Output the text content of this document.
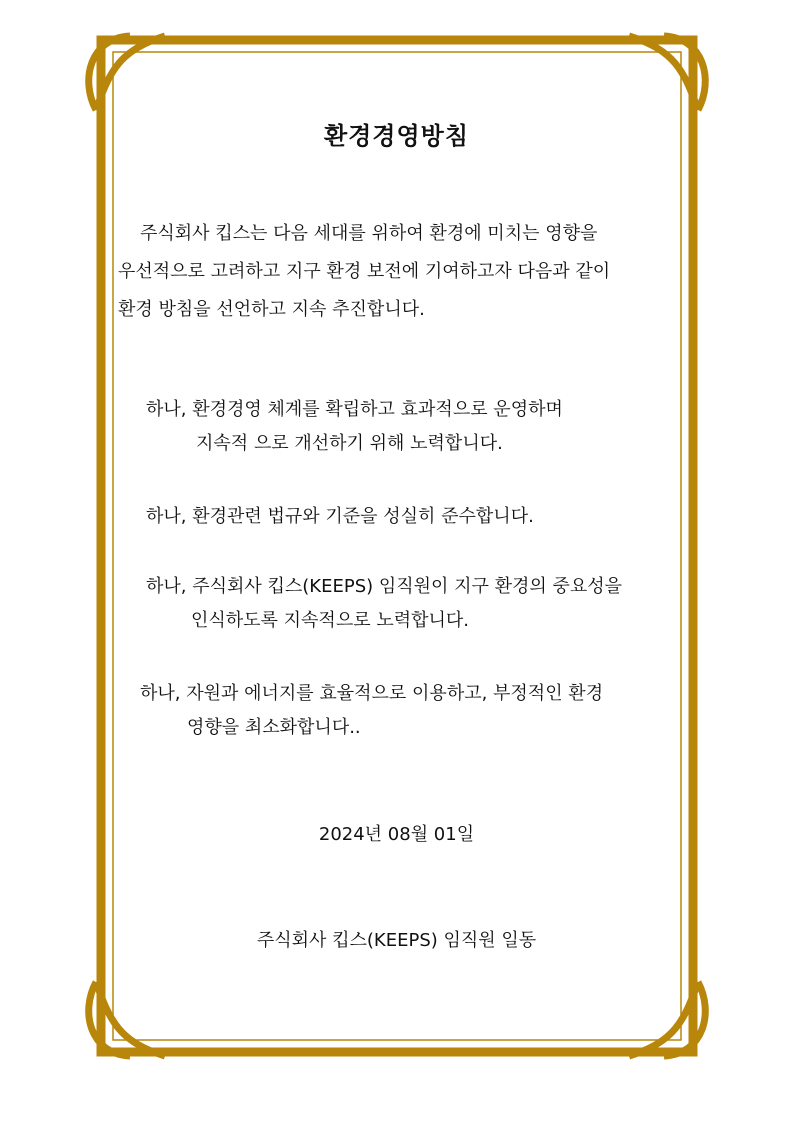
환경경영방침
주식회사 킵스는 다음 세대를 위하여 환경에 미치는 영향을
우선적으로 고려하고 지구 환경 보전에 기여하고자 다음과 같이
환경 방침을 선언하고 지속 추진합니다.
하나, 환경경영 체계를 확립하고 효과적으로 운영하며
지속적 으로 개선하기 위해 노력합니다.
하나, 환경관련 법규와 기준을 성실히 준수합니다.
하나, 주식회사 킵스(KEEPS) 임직원이 지구 환경의 중요성을
인식하도록 지속적으로 노력합니다.
하나, 자원과 에너지를 효율적으로 이용하고, 부정적인 환경
영향을 최소화합니다..
2024년 08월 01일
주식회사 킵스(KEEPS) 임직원 일동
